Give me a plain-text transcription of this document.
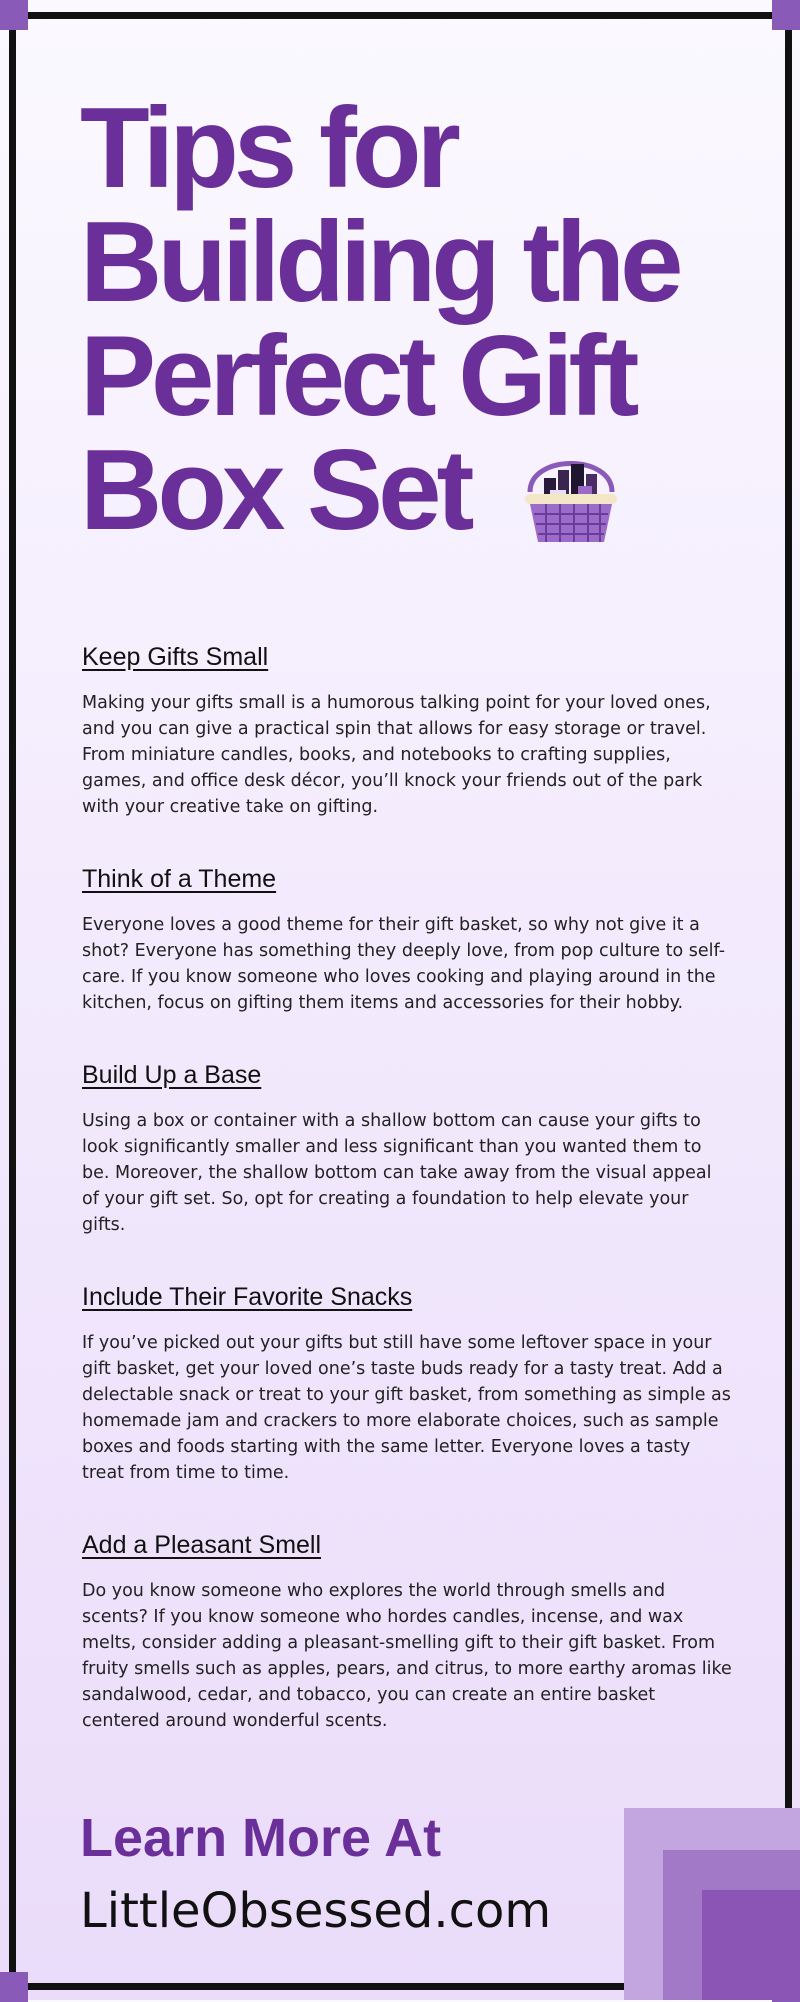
Tips for Building the Perfect Gift Box Set
Keep Gifts Small

Making your gifts small is a humorous talking point for your loved ones, and you can give a practical spin that allows for easy storage or travel. From miniature candles, books, and notebooks to crafting supplies, games, and office desk décor, you’ll knock your friends out of the park with your creative take on gifting.

Think of a Theme

Everyone loves a good theme for their gift basket, so why not give it a shot? Everyone has something they deeply love, from pop culture to self-care. If you know someone who loves cooking and playing around in the kitchen, focus on gifting them items and accessories for their hobby.

Build Up a Base

Using a box or container with a shallow bottom can cause your gifts to look significantly smaller and less significant than you wanted them to be. Moreover, the shallow bottom can take away from the visual appeal of your gift set. So, opt for creating a foundation to help elevate your gifts.

Include Their Favorite Snacks

If you’ve picked out your gifts but still have some leftover space in your gift basket, get your loved one’s taste buds ready for a tasty treat. Add a delectable snack or treat to your gift basket, from something as simple as homemade jam and crackers to more elaborate choices, such as sample boxes and foods starting with the same letter. Everyone loves a tasty treat from time to time.

Add a Pleasant Smell

Do you know someone who explores the world through smells and scents? If you know someone who hordes candles, incense, and wax melts, consider adding a pleasant-smelling gift to their gift basket. From fruity smells such as apples, pears, and citrus, to more earthy aromas like sandalwood, cedar, and tobacco, you can create an entire basket centered around wonderful scents.

Learn More At

LittleObsessed.com
